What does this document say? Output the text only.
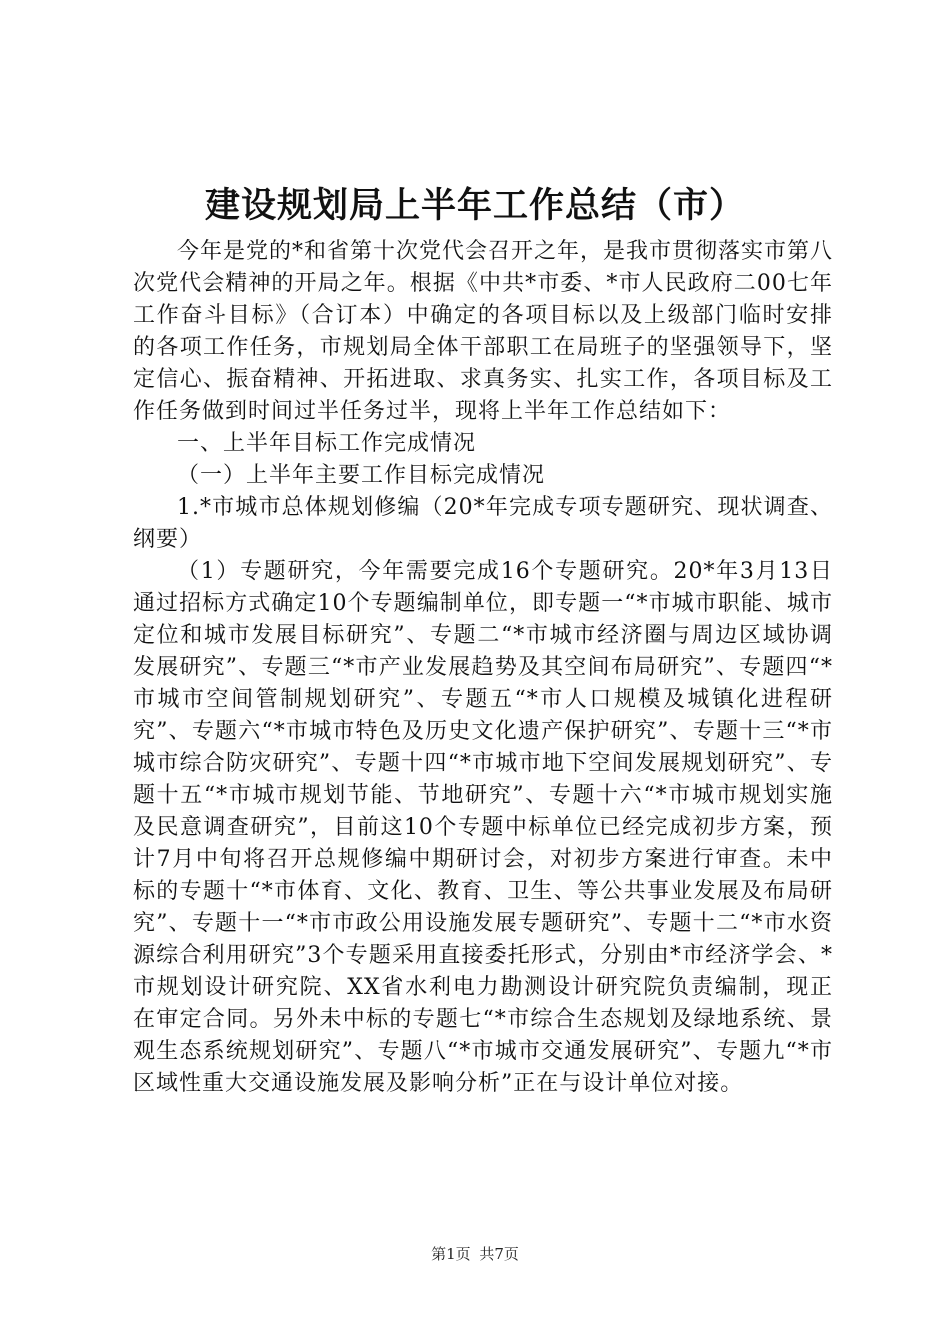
建设规划局上半年工作总结（市）

今年是党的*和省第十次党代会召开之年，是我市贯彻落实市第八次党代会精神的开局之年。根据《中共*市委、*市人民政府二00七年工作奋斗目标》（合订本）中确定的各项目标以及上级部门临时安排的各项工作任务，市规划局全体干部职工在局班子的坚强领导下，坚定信心、振奋精神、开拓进取、求真务实、扎实工作，各项目标及工作任务做到时间过半任务过半，现将上半年工作总结如下：

一、上半年目标工作完成情况

（一）上半年主要工作目标完成情况

1.*市城市总体规划修编（20*年完成专项专题研究、现状调查、纲要）

（1）专题研究，今年需要完成16个专题研究。20*年3月13日通过招标方式确定10个专题编制单位，即专题一“*市城市职能、城市定位和城市发展目标研究”、专题二“*市城市经济圈与周边区域协调发展研究”、专题三“*市产业发展趋势及其空间布局研究”、专题四“*市城市空间管制规划研究”、专题五“*市人口规模及城镇化进程研究”、专题六“*市城市特色及历史文化遗产保护研究”、专题十三“*市城市综合防灾研究”、专题十四“*市城市地下空间发展规划研究”、专题十五“*市城市规划节能、节地研究”、专题十六“*市城市规划实施及民意调查研究”，目前这10个专题中标单位已经完成初步方案，预计7月中旬将召开总规修编中期研讨会，对初步方案进行审查。未中标的专题十“*市体育、文化、教育、卫生、等公共事业发展及布局研究”、专题十一“*市市政公用设施发展专题研究”、专题十二“*市水资源综合利用研究”3个专题采用直接委托形式，分别由*市经济学会、*市规划设计研究院、XX省水利电力勘测设计研究院负责编制，现正在审定合同。另外未中标的专题七“*市综合生态规划及绿地系统、景观生态系统规划研究”、专题八“*市城市交通发展研究”、专题九“*市区域性重大交通设施发展及影响分析”正在与设计单位对接。

第1页 共7页
